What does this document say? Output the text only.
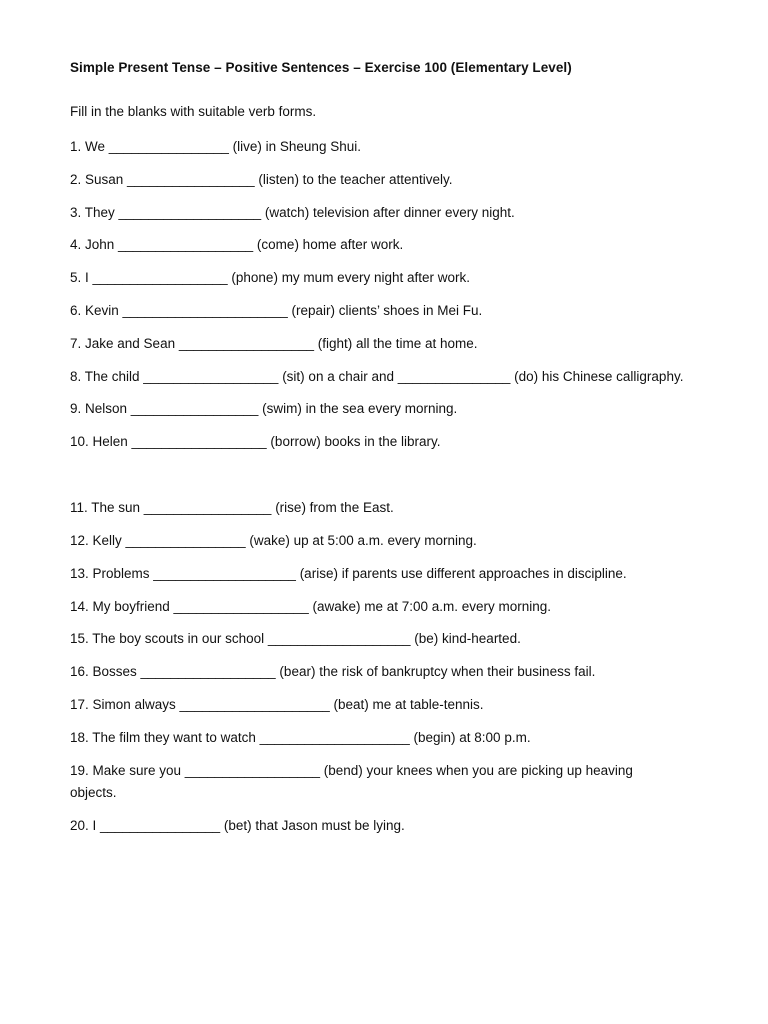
Simple Present Tense – Positive Sentences – Exercise 100 (Elementary Level)
Fill in the blanks with suitable verb forms.
1. We ________________ (live) in Sheung Shui.
2. Susan _________________ (listen) to the teacher attentively.
3. They ___________________ (watch) television after dinner every night.
4. John __________________ (come) home after work.
5. I __________________ (phone) my mum every night after work.
6. Kevin ______________________ (repair) clients’ shoes in Mei Fu.
7. Jake and Sean __________________ (fight) all the time at home.
8. The child __________________ (sit) on a chair and _______________ (do) his Chinese calligraphy.
9. Nelson _________________ (swim) in the sea every morning.
10. Helen __________________ (borrow) books in the library.
11. The sun _________________ (rise) from the East.
12. Kelly ________________ (wake) up at 5:00 a.m. every morning.
13. Problems ___________________ (arise) if parents use different approaches in discipline.
14. My boyfriend __________________ (awake) me at 7:00 a.m. every morning.
15. The boy scouts in our school ___________________ (be) kind-hearted.
16. Bosses __________________ (bear) the risk of bankruptcy when their business fail.
17. Simon always ____________________ (beat) me at table-tennis.
18. The film they want to watch ____________________ (begin) at 8:00 p.m.
19. Make sure you __________________ (bend) your knees when you are picking up heaving objects.
20. I ________________ (bet) that Jason must be lying.
